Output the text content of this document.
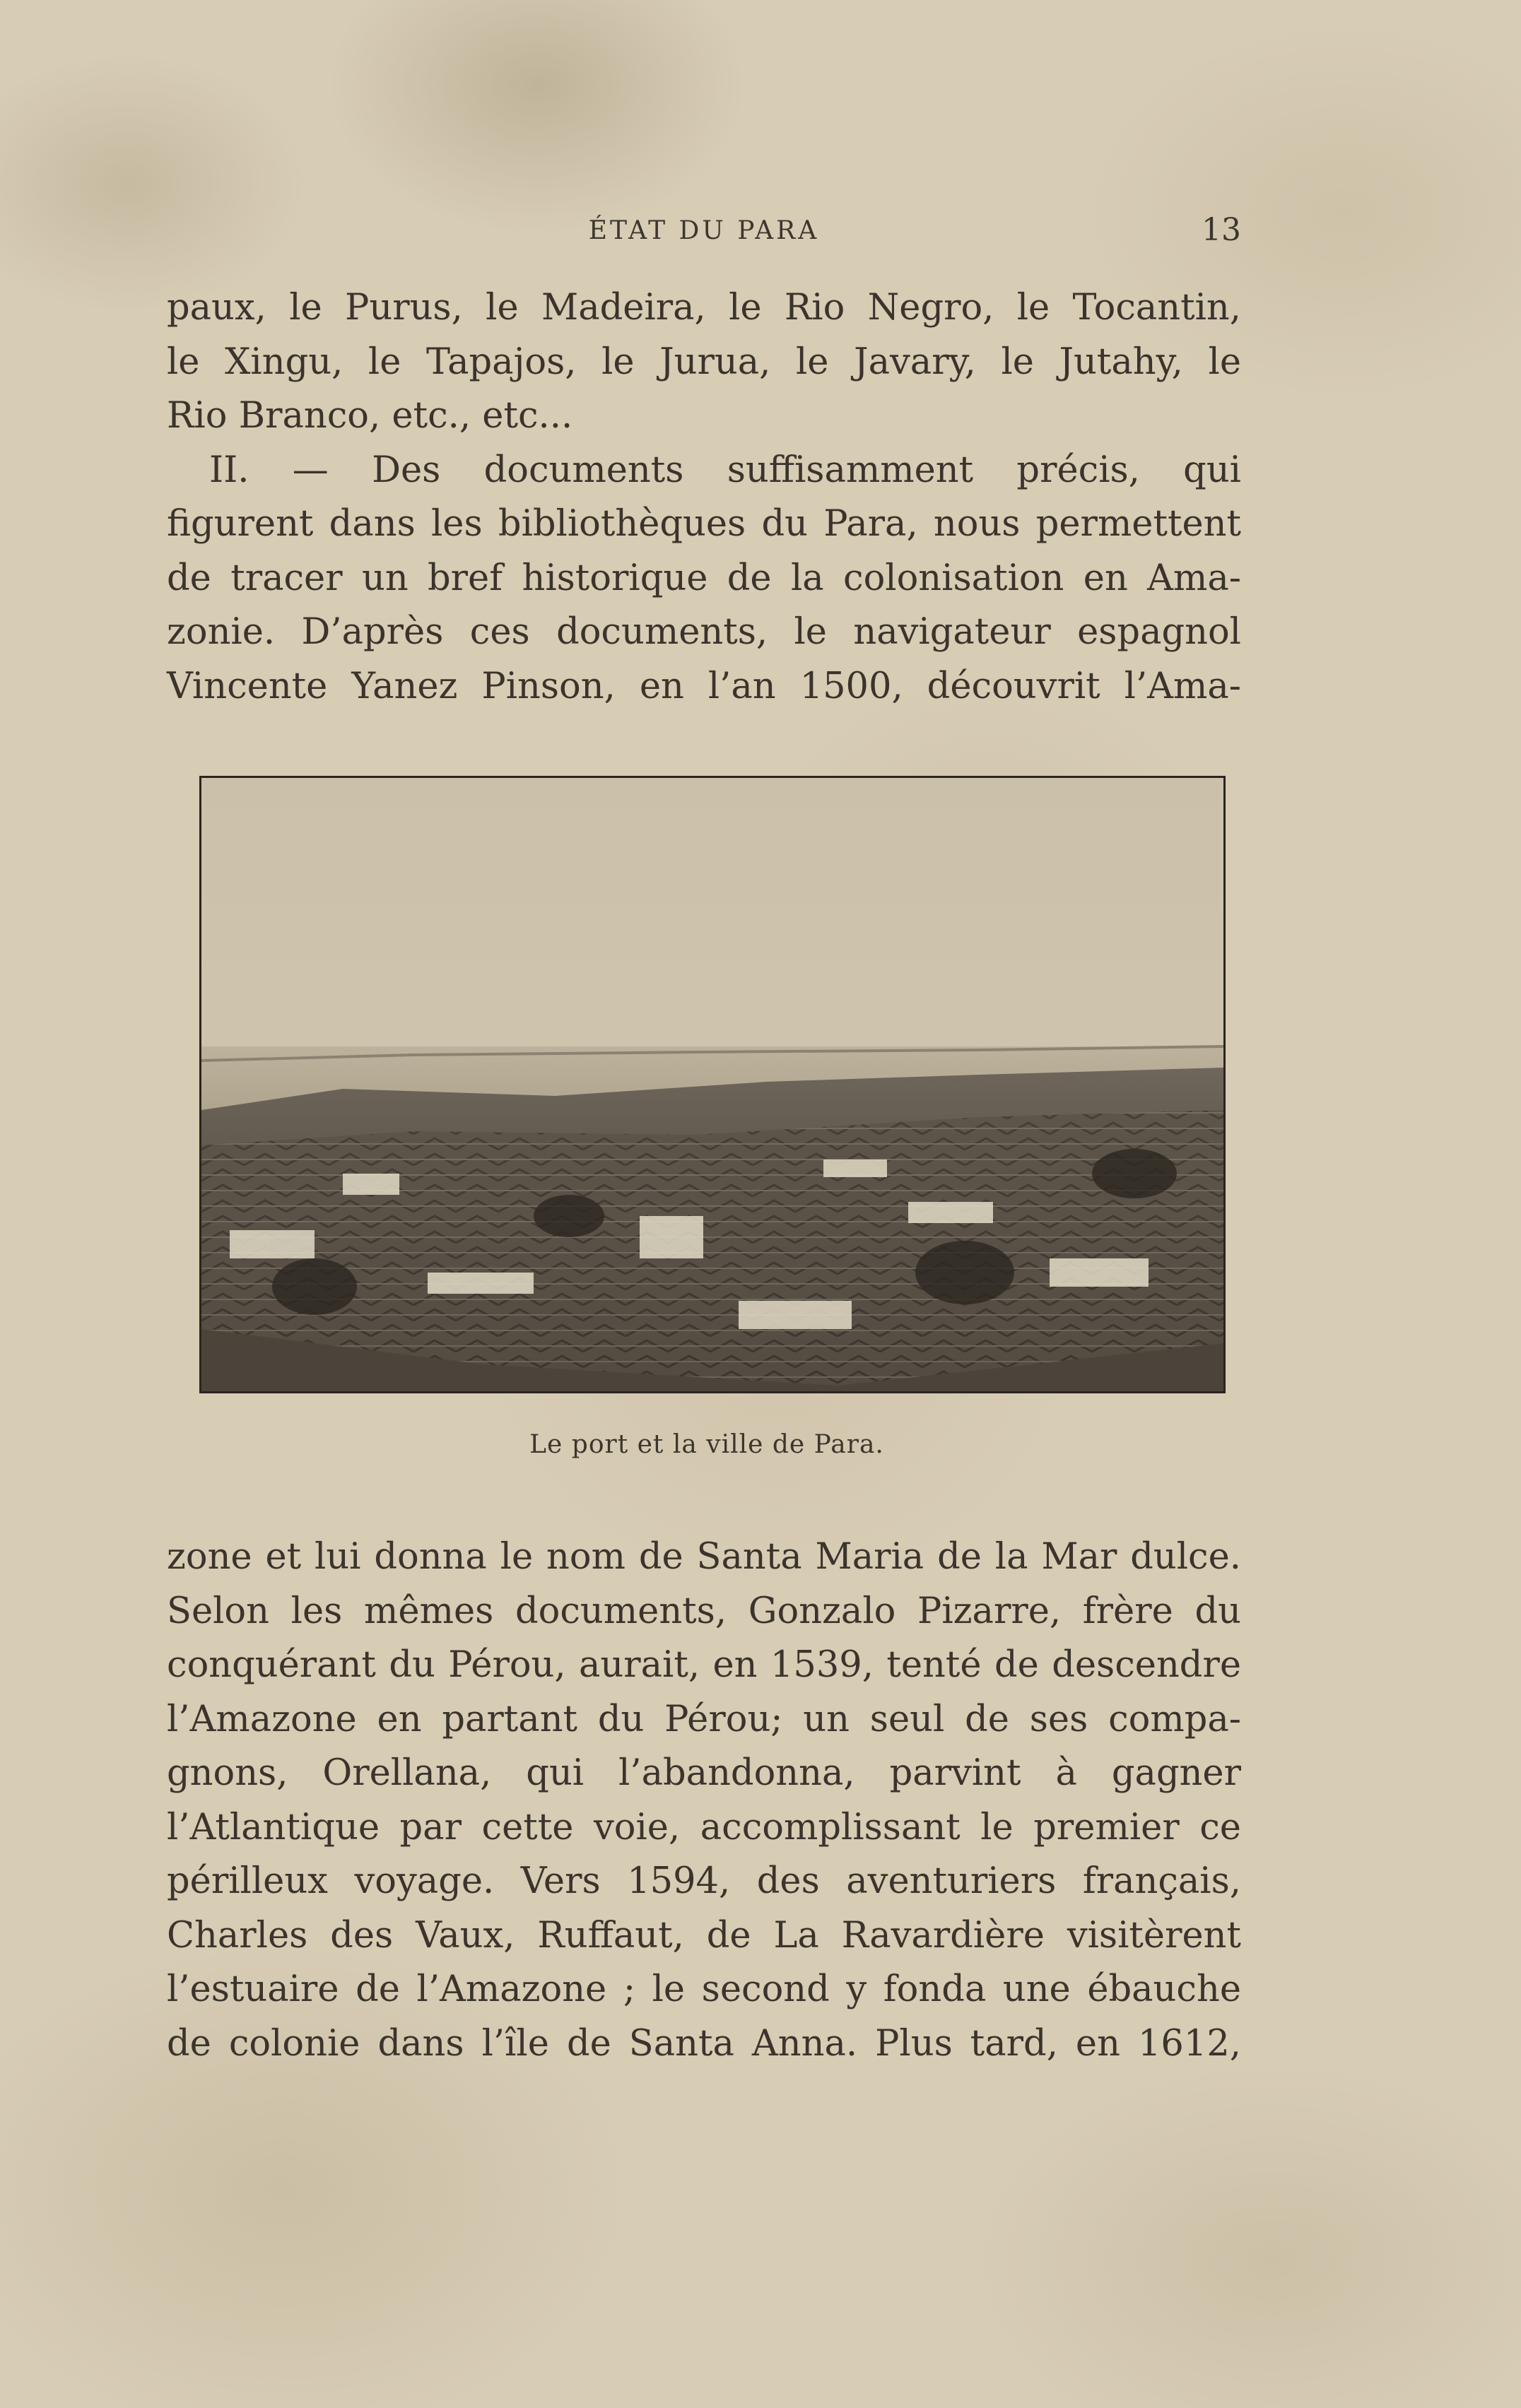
ÉTAT DU PARA	13
paux, le Purus, le Madeira, le Rio Negro, le Tocantin,
le Xingu, le Tapajos, le Jurua, le Javary, le Jutahy, le
Rio Branco, etc., etc...
II. — Des documents suffisamment précis, qui
figurent dans les bibliothèques du Para, nous permettent
de tracer un bref historique de la colonisation en Ama-
zonie. D’après ces documents, le navigateur espagnol
Vincente Yanez Pinson, en l’an 1500, découvrit l’Ama-
Le port et la ville de Para.
zone et lui donna le nom de Santa Maria de la Mar dulce.
Selon les mêmes documents, Gonzalo Pizarre, frère du
conquérant du Pérou, aurait, en 1539, tenté de descendre
l’Amazone en partant du Pérou; un seul de ses compa-
gnons, Orellana, qui l’abandonna, parvint à gagner
l’Atlantique par cette voie, accomplissant le premier ce
périlleux voyage. Vers 1594, des aventuriers français,
Charles des Vaux, Ruffaut, de La Ravardière visitèrent
l’estuaire de l’Amazone ; le second y fonda une ébauche
de colonie dans l’île de Santa Anna. Plus tard, en 1612,
